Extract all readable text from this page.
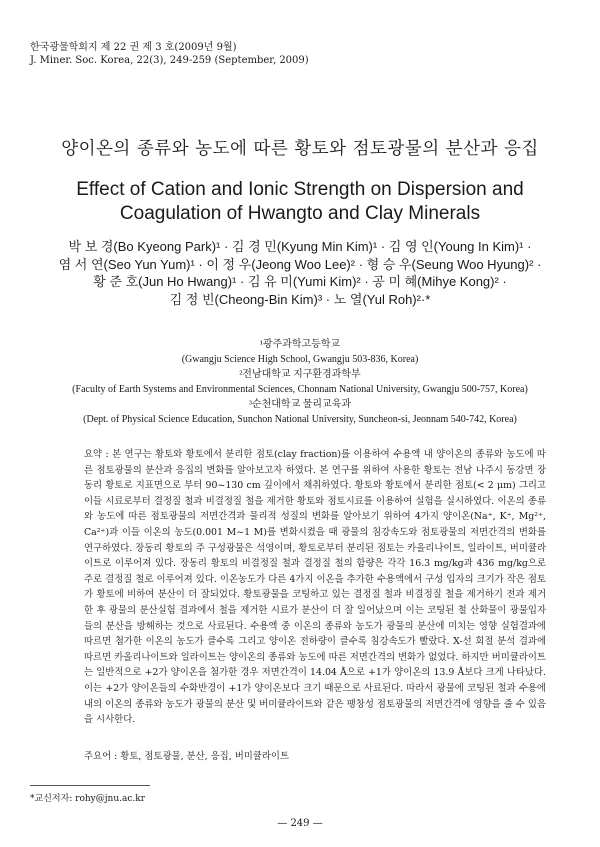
한국광물학회지 제 22 권 제 3 호(2009년 9월)
J. Miner. Soc. Korea, 22(3), 249-259 (September, 2009)
양이온의 종류와 농도에 따른 황토와 점토광물의 분산과 응집
Effect of Cation and Ionic Strength on Dispersion and Coagulation of Hwangto and Clay Minerals
박 보 경(Bo Kyeong Park)¹ · 김 경 민(Kyung Min Kim)¹ · 김 영 인(Young In Kim)¹ ·
염 서 연(Seo Yun Yum)¹ · 이 정 우(Jeong Woo Lee)² · 형 승 우(Seung Woo Hyung)² ·
황 준 호(Jun Ho Hwang)¹ · 김 유 미(Yumi Kim)² · 공 미 혜(Mihye Kong)² ·
김 정 빈(Cheong-Bin Kim)³ · 노 열(Yul Roh)²·*
¹광주과학고등학교
(Gwangju Science High School, Gwangju 503-836, Korea)
²전남대학교 지구환경과학부
(Faculty of Earth Systems and Environmental Sciences, Chonnam National University, Gwangju 500-757, Korea)
³순천대학교 물리교육과
(Dept. of Physical Science Education, Sunchon National University, Suncheon-si, Jeonnam 540-742, Korea)
요약 : 본 연구는 황토와 황토에서 분리한 점토(clay fraction)를 이용하여 수용액 내 양이온의 종류와 농도에 따른 점토광물의 분산과 응집의 변화를 알아보고자 하였다. 본 연구를 위하여 사용한 황토는 전남 나주시 동강면 장동리 황토로 지표면으로 부터 90~130 cm 깊이에서 채취하였다. 황토와 황토에서 분리한 점토(< 2 μm) 그리고 이들 시료로부터 결정질 철과 비결정질 철을 제거한 황토와 점토시료를 이용하여 실험을 실시하였다. 이온의 종류와 농도에 따른 점토광물의 저면간격과 물리적 성질의 변화를 알아보기 위하여 4가지 양이온(Na⁺, K⁺, Mg²⁺, Ca²⁺)과 이들 이온의 농도(0.001 M~1 M)를 변화시켰을 때 광물의 침강속도와 점토광물의 저면간격의 변화를 연구하였다. 장동리 황토의 주 구성광물은 석영이며, 황토로부터 분리된 점토는 카올리나이트, 일라이트, 버미큘라이트로 이루어져 있다. 장동리 황토의 비결정질 철과 결정질 철의 함량은 각각 16.3 mg/kg과 436 mg/kg으로 주로 결정질 철로 이루어져 있다. 이온농도가 다른 4가지 이온을 추가한 수용액에서 구성 입자의 크기가 작은 점토가 황토에 비하여 분산이 더 잘되었다. 황토광물을 코팅하고 있는 결정질 철과 비결정질 철을 제거하기 전과 제거한 후 광물의 분산실험 결과에서 철을 제거한 시료가 분산이 더 잘 일어났으며 이는 코팅된 철 산화물이 광물입자들의 분산을 방해하는 것으로 사료된다. 수용액 중 이온의 종류와 농도가 광물의 분산에 미치는 영향 실험결과에 따르면 첨가한 이온의 농도가 클수록 그리고 양이온 전하량이 클수록 침강속도가 빨랐다. X-선 회절 분석 결과에 따르면 카올리나이트와 일라이트는 양이온의 종류와 농도에 따른 저면간격의 변화가 없었다. 하지만 버미큘라이트는 일반적으로 +2가 양이온을 첨가한 경우 저면간격이 14.04 Å으로 +1가 양이온의 13.9 Å보다 크게 나타났다. 이는 +2가 양이온들의 수화반경이 +1가 양이온보다 크기 때문으로 사료된다. 따라서 광물에 코팅된 철과 수용에 내의 이온의 종류와 농도가 광물의 분산 및 버미큘라이트와 같은 팽창성 점토광물의 저면간격에 영향을 줄 수 있음을 시사한다.
주요어 : 황토, 점토광물, 분산, 응집, 버미큘라이트
*교신저자: rohy@jnu.ac.kr
— 249 —
